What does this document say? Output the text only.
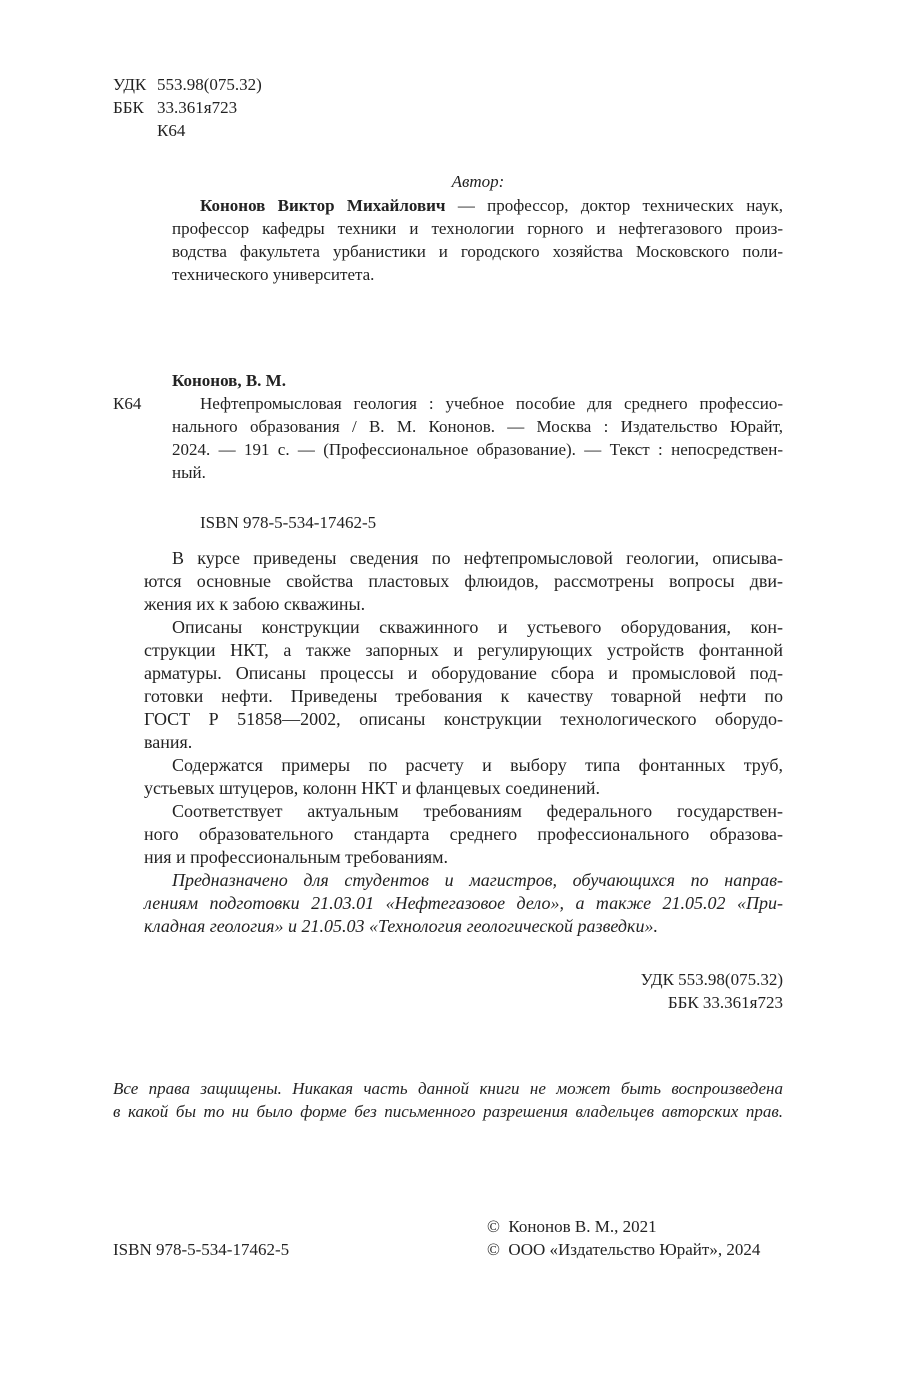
УДК 553.98(075.32)
ББК 33.361я723
К64
Автор:
Кононов Виктор Михайлович — профессор, доктор технических наук,
профессор кафедры техники и технологии горного и нефтегазового произ-
водства факультета урбанистики и городского хозяйства Московского поли-
технического университета.
Кононов, В. М.
К64	Нефтепромысловая геология : учебное пособие для среднего профессио-
нального образования / В. М. Кононов. — Москва : Издательство Юрайт,
2024. — 191 с. — (Профессиональное образование). — Текст : непосредствен-
ный.
ISBN 978-5-534-17462-5
В курсе приведены сведения по нефтепромысловой геологии, описыва-
ются основные свойства пластовых флюидов, рассмотрены вопросы дви-
жения их к забою скважины.
Описаны конструкции скважинного и устьевого оборудования, кон-
струкции НКТ, а также запорных и регулирующих устройств фонтанной
арматуры. Описаны процессы и оборудование сбора и промысловой под-
готовки нефти. Приведены требования к качеству товарной нефти по
ГОСТ Р 51858—2002, описаны конструкции технологического оборудо-
вания.
Содержатся примеры по расчету и выбору типа фонтанных труб,
устьевых штуцеров, колонн НКТ и фланцевых соединений.
Соответствует актуальным требованиям федерального государствен-
ного образовательного стандарта среднего профессионального образова-
ния и профессиональным требованиям.
Предназначено для студентов и магистров, обучающихся по направ-
лениям подготовки 21.03.01 «Нефтегазовое дело», а также 21.05.02 «При-
кладная геология» и 21.05.03 «Технология геологической разведки».
УДК 553.98(075.32)
ББК 33.361я723
Все права защищены. Никакая часть данной книги не может быть воспроизведена
в какой бы то ни было форме без письменного разрешения владельцев авторских прав.
ISBN 978-5-534-17462-5
© Кононов В. М., 2021
© ООО «Издательство Юрайт», 2024
